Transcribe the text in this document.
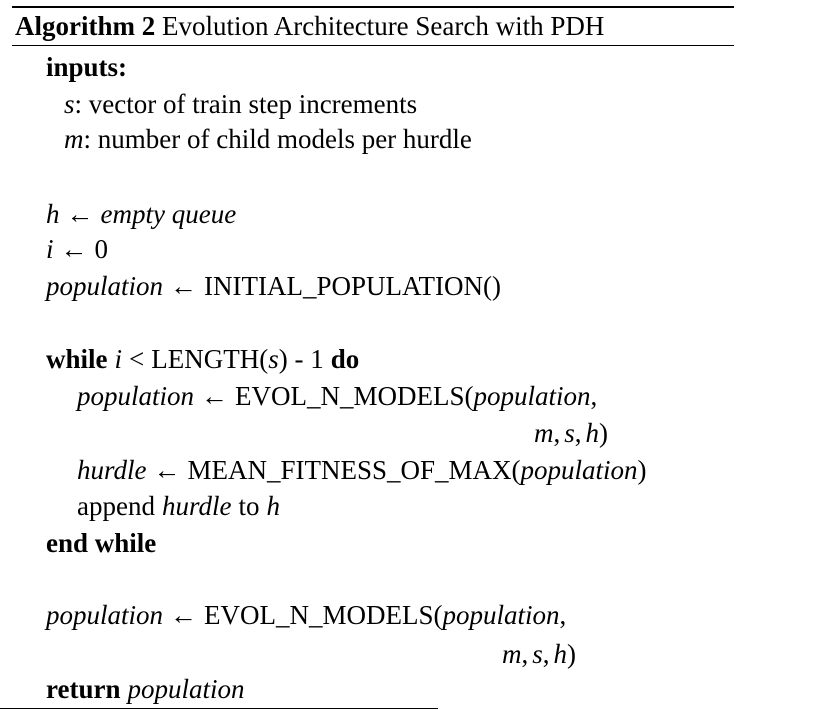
Algorithm 2 Evolution Architecture Search with PDH
inputs:
s: vector of train step increments
m: number of child models per hurdle
h ← empty queue
i ← 0
population ← INITIAL_POPULATION()
while i < LENGTH(s) - 1 do
population ← EVOL_N_MODELS(population,
m, s, h)
hurdle ← MEAN_FITNESS_OF_MAX(population)
append hurdle to h
end while
population ← EVOL_N_MODELS(population,
m, s, h)
return population
